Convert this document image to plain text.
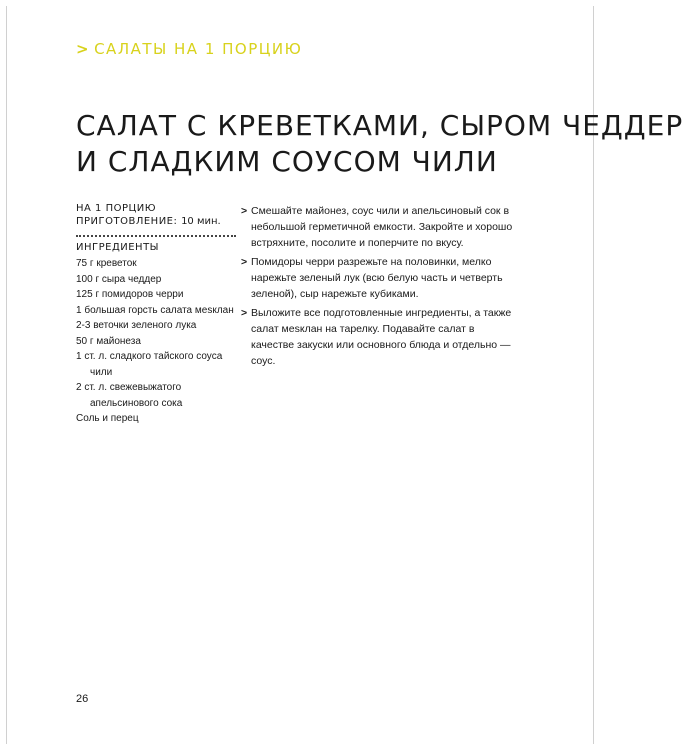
> САЛАТЫ НА 1 ПОРЦИЮ
САЛАТ С КРЕВЕТКАМИ, СЫРОМ ЧЕДДЕР
И СЛАДКИМ СОУСОМ ЧИЛИ
НА 1 ПОРЦИЮ
ПРИГОТОВЛЕНИЕ: 10 мин.
ИНГРЕДИЕНТЫ
75 г креветок
100 г сыра чеддер
125 г помидоров черри
1 большая горсть салата мesклан
2-3 веточки зеленого лука
50 г майонеза
1 ст. л. сладкого тайского соуса чили
2 ст. л. свежевыжатого апельсинового сока
Соль и перец
> Смешайте майонез, соус чили и апельсиновый сок в небольшой герметичной емкости. Закройте и хорошо встряхните, посолите и поперчите по вкусу.
> Помидоры черри разрежьте на половинки, мелко нарежьте зеленый лук (всю белую часть и четверть зеленой), сыр нарежьте кубиками.
> Выложите все подготовленные ингредиенты, а также салат мesклан на тарелку. Подавайте салат в качестве закуски или основного блюда и отдельно — соус.
26
